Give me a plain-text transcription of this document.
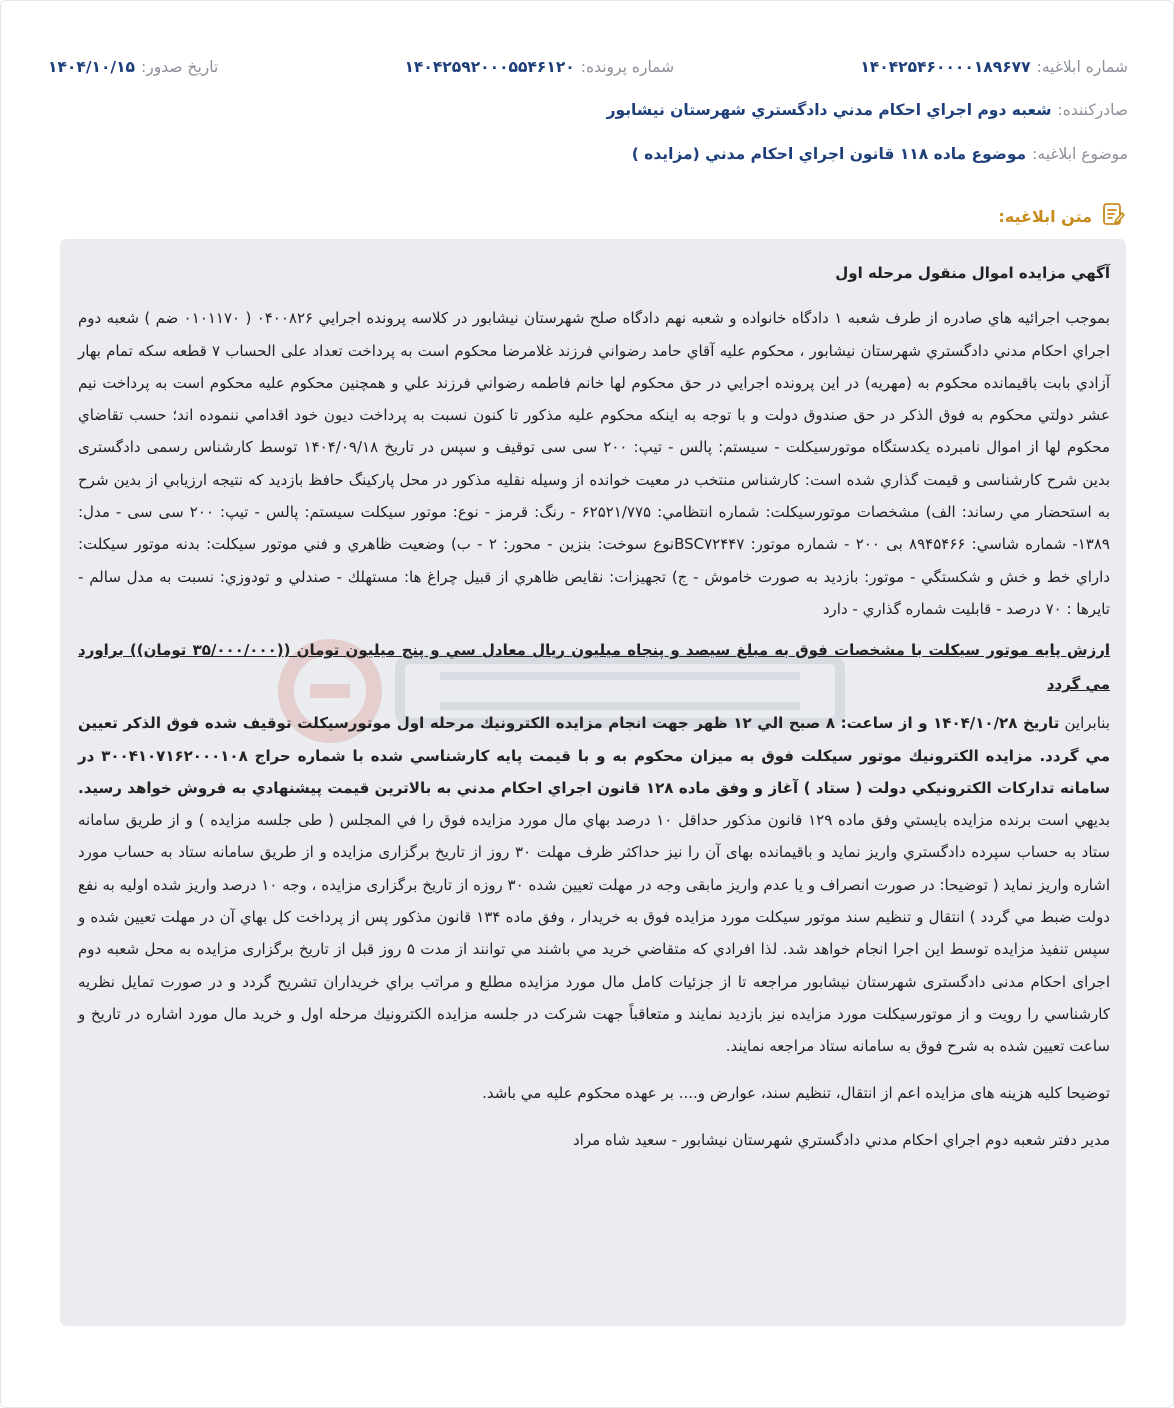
شماره ابلاغیه:
۱۴۰۴۲۵۴۶۰۰۰۰۱۸۹۶۷۷
شماره پرونده:
۱۴۰۴۲۵۹۲۰۰۰۵۵۴۶۱۲۰
تاریخ صدور:
۱۴۰۴/۱۰/۱۵
صادرکننده:
شعبه دوم اجراي احكام مدني دادگستري شهرستان نيشابور
موضوع ابلاغیه:
موضوع ماده ۱۱۸ قانون اجراي احكام مدني (مزايده )
متن ابلاغیه:

آگهي مزايده اموال منقول مرحله اول

بموجب اجرائيه هاي صادره از طرف شعبه ۱ دادگاه خانواده و شعبه نهم دادگاه صلح شهرستان نيشابور در كلاسه پرونده اجرايي ۰۴۰۰۸۲۶ ( ۰۱۰۱۱۷۰ ضم ) شعبه دوم اجراي احكام مدني دادگستري شهرستان نيشابور ، محكوم عليه آقاي حامد رضواني فرزند غلامرضا محكوم است به پرداخت تعداد علی الحساب ۷ قطعه سكه تمام بهار آزادي بابت باقيمانده محكوم به (مهريه) در اين پرونده اجرايي در حق محكوم لها خانم فاطمه رضواني فرزند علي و همچنين محكوم عليه محكوم است به پرداخت نيم عشر دولتي محكوم به فوق الذكر در حق صندوق دولت و با توجه به اينكه محكوم عليه مذكور تا كنون نسبت به پرداخت ديون خود اقدامي ننموده اند؛ حسب تقاضاي محكوم لها از اموال نامبرده يكدستگاه موتورسيكلت - سيستم: پالس - تيپ: ۲۰۰ سی سی توقيف و سپس در تاريخ ۱۴۰۴/۰۹/۱۸ توسط كارشناس رسمی دادگستری بدين شرح كارشناسی و قيمت گذاري شده است: كارشناس منتخب در معيت خوانده از وسيله نقليه مذكور در محل پاركينگ حافظ بازديد كه نتيجه ارزيابي از بدين شرح به استحضار مي رساند: الف) مشخصات موتورسيكلت: شماره انتظامي: ۶۲۵۲۱/۷۷۵ - رنگ: قرمز - نوع: موتور سيكلت سيستم: پالس - تيپ: ۲۰۰ سی سی - مدل: ۱۳۸۹- شماره شاسي: ۸۹۴۵۴۶۶ بی ۲۰۰ - شماره موتور: BSC۷۲۴۴۷نوع سوخت: بنزين - محور: ۲ - ب) وضعيت ظاهري و فني موتور سيكلت: بدنه موتور سيكلت: داراي خط و خش و شكستگي - موتور: بازديد به صورت خاموش - ج) تجهيزات: نقايص ظاهري از قبيل چراغ ها: مستهلك - صندلي و تودوزي: نسبت به مدل سالم - تايرها : ۷۰ درصد - قابليت شماره گذاري - دارد

ارزش پايه موتور سيكلت با مشخصات فوق به مبلغ سيصد و پنجاه ميليون ريال معادل سي و پنج ميليون تومان ((۳۵/۰۰۰/۰۰۰ تومان)) براورد مي گردد

بنابراين تاريخ ۱۴۰۴/۱۰/۲۸ و از ساعت: ۸ صبح الي ۱۲ ظهر جهت انجام مزايده الكترونيك مرحله اول موتورسيكلت توقيف شده فوق الذكر تعيين مي گردد. مزايده الكترونيك موتور سيكلت فوق به ميزان محكوم به و با قيمت پايه كارشناسي شده با شماره حراج ۳۰۰۴۱۰۷۱۶۲۰۰۰۱۰۸ در سامانه تداركات الكترونيكي دولت ( ستاد ) آغاز و وفق ماده ۱۲۸ قانون اجراي احكام مدني به بالاترين قيمت پيشنهادي به فروش خواهد رسيد. بديهي است برنده مزايده بايستي وفق ماده ۱۲۹ قانون مذكور حداقل ۱۰ درصد بهاي مال مورد مزايده فوق را في المجلس ( طی جلسه مزايده ) و از طريق سامانه ستاد به حساب سپرده دادگستري واريز نمايد و باقيمانده بهای آن را نيز حداكثر ظرف مهلت ۳۰ روز از تاريخ برگزاری مزايده و از طريق سامانه ستاد به حساب مورد اشاره واريز نمايد ( توضيحا: در صورت انصراف و يا عدم واريز مابقی وجه در مهلت تعيين شده ۳۰ روزه از تاريخ برگزاری مزايده ، وجه ۱۰ درصد واريز شده اوليه به نفع دولت ضبط مي گردد ) انتقال و تنظيم سند موتور سيكلت مورد مزايده فوق به خريدار ، وفق ماده ۱۳۴ قانون مذكور پس از پرداخت كل بهاي آن در مهلت تعيين شده و سپس تنفيذ مزايده توسط اين اجرا انجام خواهد شد. لذا افرادي كه متقاضي خريد مي باشند مي توانند از مدت ۵ روز قبل از تاريخ برگزاری مزايده به محل شعبه دوم اجرای احكام مدنی دادگستری شهرستان نيشابور مراجعه تا از جزئيات كامل مال مورد مزايده مطلع و مراتب براي خريداران تشريح گردد و در صورت تمايل نظريه كارشناسي را رويت و از موتورسيكلت مورد مزايده نيز بازديد نمايند و متعاقباً جهت شركت در جلسه مزايده الكترونيك مرحله اول و خريد مال مورد اشاره در تاريخ و ساعت تعيين شده به شرح فوق به سامانه ستاد مراجعه نمايند.

توضيحا كليه هزينه های مزايده اعم از انتقال، تنظيم سند، عوارض و.... بر عهده محكوم عليه مي باشد.

مدير دفتر شعبه دوم اجراي احكام مدني دادگستري شهرستان نيشابور - سعيد شاه مراد
